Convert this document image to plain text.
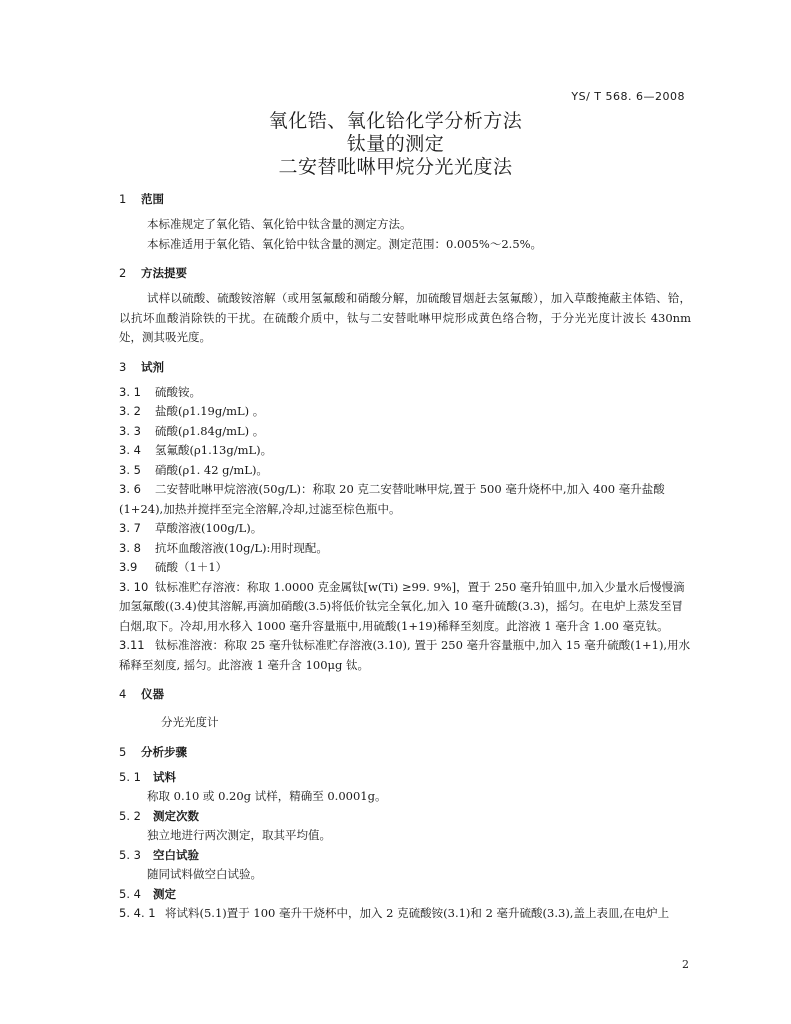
YS/ T 568. 6—2008
氧化锆、氧化铪化学分析方法
钛量的测定
二安替吡啉甲烷分光光度法
1 范围
本标准规定了氧化锆、氧化铪中钛含量的测定方法。
本标准适用于氧化锆、氧化铪中钛含量的测定。测定范围：0.005%～2.5%。
2 方法提要
试样以硫酸、硫酸铵溶解（或用氢氟酸和硝酸分解，加硫酸冒烟赶去氢氟酸），加入草酸掩蔽主体锆、铪，以抗坏血酸消除铁的干扰。在硫酸介质中，钛与二安替吡啉甲烷形成黄色络合物，于分光光度计波长 430nm 处，测其吸光度。
3 试剂
3. 1 硫酸铵。
3. 2 盐酸(ρ1.19g/mL) 。
3. 3 硫酸(ρ1.84g/mL) 。
3. 4 氢氟酸(ρ1.13g/mL)。
3. 5 硝酸(ρ1. 42 g/mL)。
3. 6 二安替吡啉甲烷溶液(50g/L)：称取 20 克二安替吡啉甲烷,置于 500 毫升烧杯中,加入 400 毫升盐酸(1+24),加热并搅拌至完全溶解,冷却,过滤至棕色瓶中。
3. 7 草酸溶液(100g/L)。
3. 8 抗坏血酸溶液(10g/L):用时现配。
3.9 硫酸（1＋1）
3. 10 钛标准贮存溶液：称取 1.0000 克金属钛[w(Ti) ≥99. 9%]，置于 250 毫升铂皿中,加入少量水后慢慢滴加氢氟酸((3.4)使其溶解,再滴加硝酸(3.5)将低价钛完全氧化,加入 10 毫升硫酸(3.3)，摇匀。在电炉上蒸发至冒白烟,取下。冷却,用水移入 1000 毫升容量瓶中,用硫酸(1+19)稀释至刻度。此溶液 1 毫升含 1.00 毫克钛。
3.11 钛标准溶液：称取 25 毫升钛标准贮存溶液(3.10), 置于 250 毫升容量瓶中,加入 15 毫升硫酸(1+1),用水稀释至刻度, 摇匀。此溶液 1 毫升含 100μg 钛。
4 仪器
分光光度计
5 分析步骤
5. 1 试料
称取 0.10 或 0.20g 试样，精确至 0.0001g。
5. 2 测定次数
独立地进行两次测定，取其平均值。
5. 3 空白试验
随同试料做空白试验。
5. 4 测定
5. 4. 1 将试料(5.1)置于 100 毫升干烧杯中，加入 2 克硫酸铵(3.1)和 2 毫升硫酸(3.3),盖上表皿,在电炉上
2
